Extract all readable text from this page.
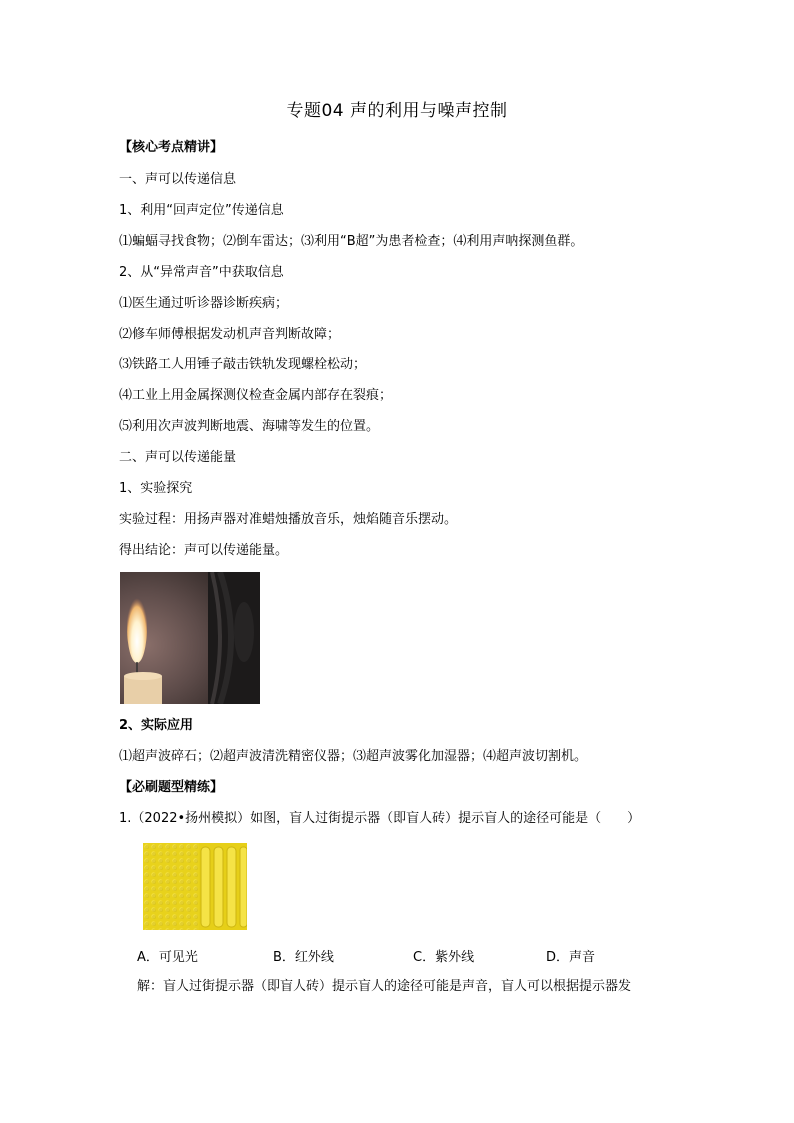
专题04 声的利用与噪声控制
【核心考点精讲】
一、声可以传递信息
1、利用“回声定位”传递信息
⑴蝙蝠寻找食物；⑵倒车雷达；⑶利用“B超”为患者检查；⑷利用声呐探测鱼群。
2、从“异常声音”中获取信息
⑴医生通过听诊器诊断疾病；
⑵修车师傅根据发动机声音判断故障；
⑶铁路工人用锤子敲击铁轨发现螺栓松动；
⑷工业上用金属探测仪检查金属内部存在裂痕；
⑸利用次声波判断地震、海啸等发生的位置。
二、声可以传递能量
1、实验探究
实验过程：用扬声器对准蜡烛播放音乐，烛焰随音乐摆动。
得出结论：声可以传递能量。
2、实际应用
⑴超声波碎石；⑵超声波清洗精密仪器；⑶超声波雾化加湿器；⑷超声波切割机。
【必刷题型精练】
1.（2022•扬州模拟）如图，盲人过街提示器（即盲人砖）提示盲人的途径可能是（　　）
A．可见光	B．红外线	C．紫外线	D．声音
解：盲人过街提示器（即盲人砖）提示盲人的途径可能是声音，盲人可以根据提示器发
